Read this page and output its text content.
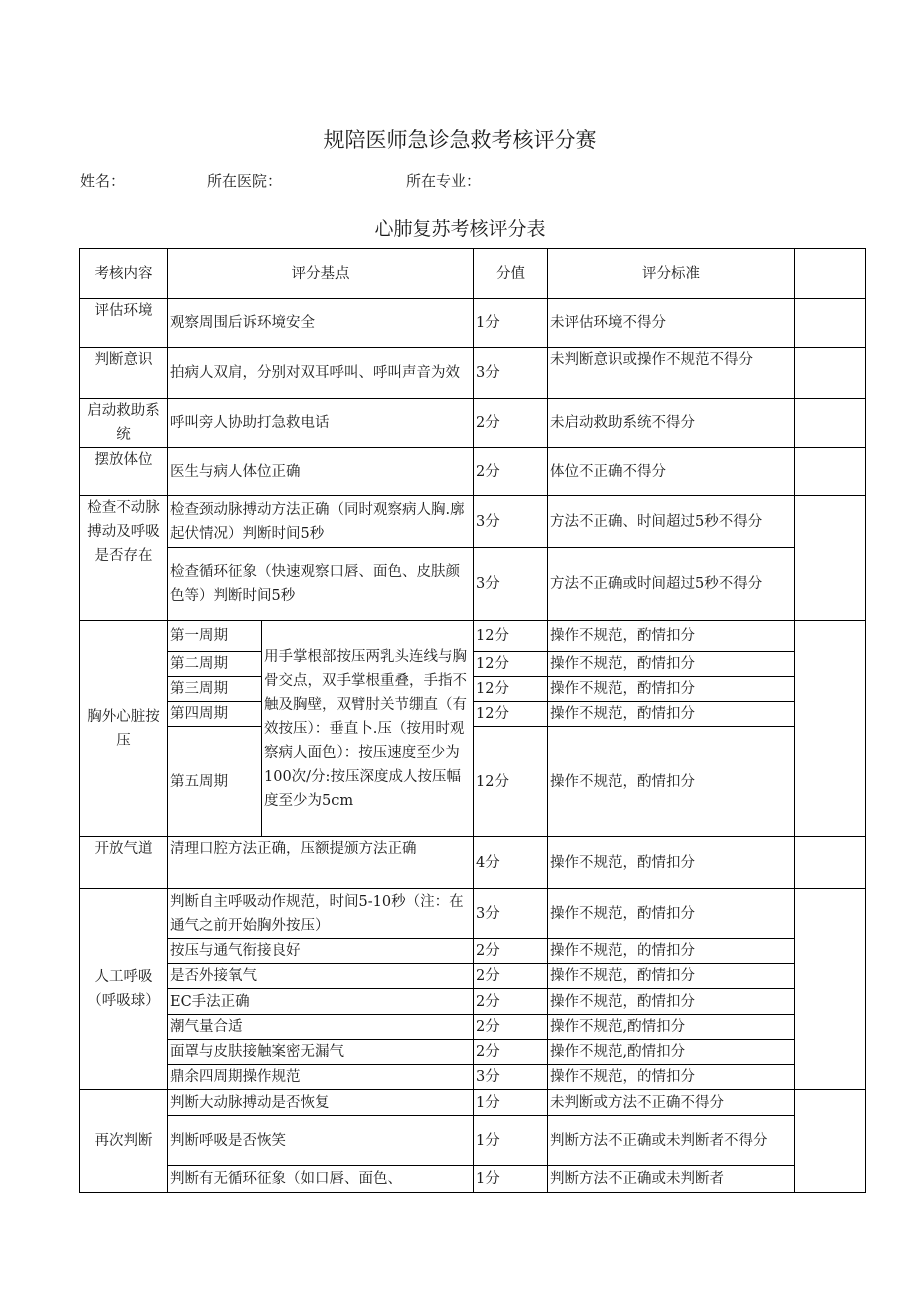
规陪医师急诊急救考核评分赛
姓名：	所在医院：	所在专业：
心肺复苏考核评分表
考核内容	评分基点		分值	评分标准	
评估环境	观察周围后诉环境安全		1分	未评估环境不得分	
判断意识	拍病人双肩，分别对双耳呼叫、呼叫声音为效		3分	未判断意识或操作不规范不得分	
启动救助系统	呼叫旁人协助打急救电话		2分	未启动救助系统不得分	
摆放体位	医生与病人体位正确		2分	体位不正确不得分	
检查不动脉搏动及呼吸是否存在	检查颈动脉搏动方法正确（同时观察病人胸.廓起伏情况）判断时间5秒		3分	方法不正确、时间超过5秒不得分	
	检查循环征象（快速观察口唇、面色、皮肤颜色等）判断时间5秒		3分	方法不正确或时间超过5秒不得分	
胸外心脏按压	第一周期	用手掌根部按压两乳头连线与胸骨交点，双手掌根重叠，手指不触及胸壁，双臂肘关节绷直（有效按压）：垂直卜.压（按用时观察病人面色）：按压速度至少为100次/分:按压深度成人按压幅度至少为5cm	12分	操作不规范，酌情扣分	
	第二周期		12分	操作不规范，酌情扣分	
	第三周期		12分	操作不规范，酌情扣分	
	第四周期		12分	操作不规范，酌情扣分	
	第五周期		12分	操作不规范，酌情扣分	
开放气道	清理口腔方法正确，压额提颁方法正确		4分	操作不规范，酌情扣分	
人工呼吸（呼吸球）	判断自主呼吸动作规范，时间5-10秒（注：在通气之前开始胸外按压）		3分	操作不规范，酌情扣分	
	按压与通气衔接良好		2分	操作不规范，的情扣分	
	是否外接氧气		2分	操作不规范，酌情扣分	
	EC手法正确		2分	操作不规范，酌情扣分	
	潮气量合适		2分	操作不规范,酌情扣分	
	面罩与皮肤接触案密无漏气		2分	操作不规范,酌情扣分	
	鼎余四周期操作规范		3分	操作不规范，的情扣分	
再次判断	判断大动脉搏动是否恢复		1分	未判断或方法不正确不得分	
	判断呼吸是否恢笑		1分	判断方法不正确或未判断者不得分	
	判断有无循环征象（如口唇、面色、		1分	判断方法不正确或未判断者	
